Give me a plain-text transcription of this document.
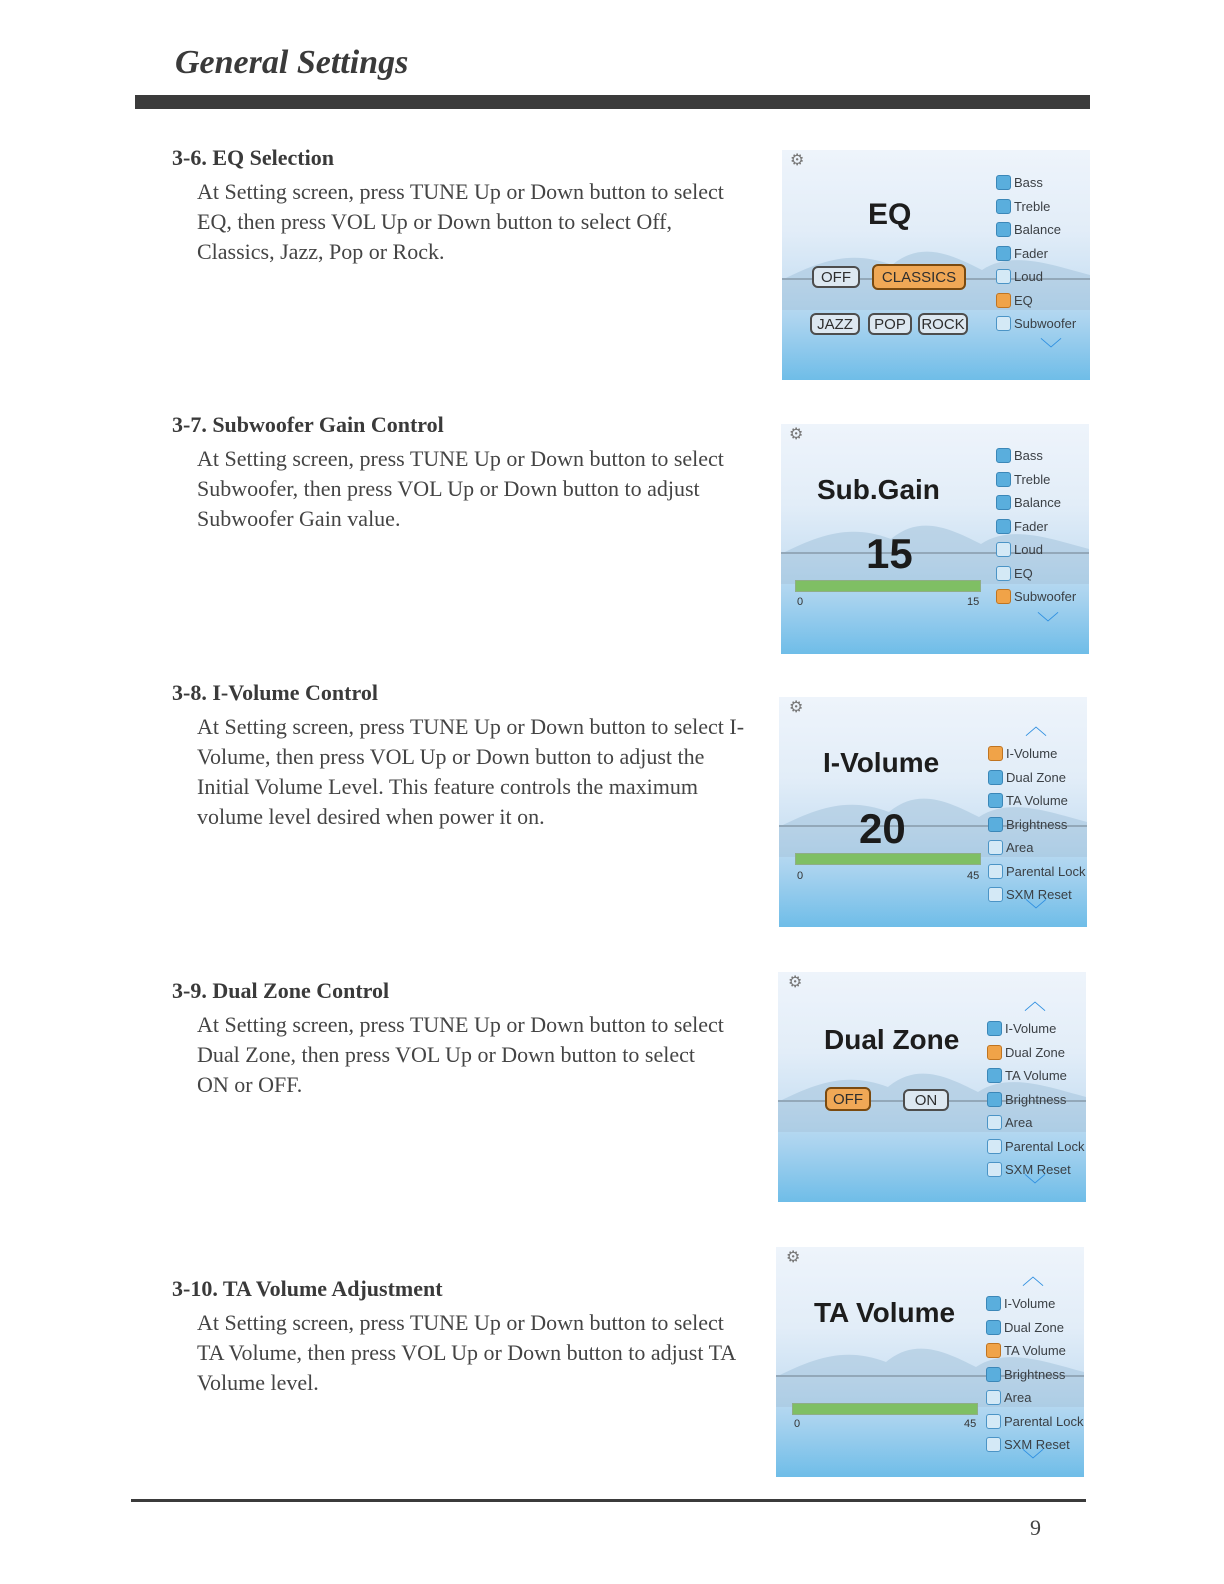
General Settings
3-6. EQ Selection

At Setting screen, press TUNE Up or Down button to select EQ, then press VOL Up or Down button to select Off, Classics, Jazz, Pop or Rock.

3-7. Subwoofer Gain Control

At Setting screen, press TUNE Up or Down button to select Subwoofer, then press VOL Up or Down button to adjust Subwoofer Gain value.

3-8. I-Volume Control

At Setting screen, press TUNE Up or Down button to select I-Volume, then press VOL Up or Down button to adjust the Initial Volume Level. This feature controls the maximum volume level desired when power it on.

3-9. Dual Zone Control

At Setting screen, press TUNE Up or Down button to select Dual Zone, then press VOL Up or Down button to select ON or OFF.

3-10. TA Volume Adjustment

At Setting screen, press TUNE Up or Down button to select TA Volume, then press VOL Up or Down button to adjust TA Volume level.

⚙
EQ
OFF	CLASSICS
JAZZ	POP	ROCK
Bass
Treble
Balance
Fader
Loud
EQ
Subwoofer
﹀
⚙
Sub.Gain
15
0	15
Bass
Treble
Balance
Fader
Loud
EQ
Subwoofer
﹀
⚙
I-Volume
20
0	45
︿
I-Volume
Dual Zone
TA Volume
Brightness
Area
Parental Lock
SXM Reset
﹀
⚙
Dual Zone
OFF	ON
︿
I-Volume
Dual Zone
TA Volume
Brightness
Area
Parental Lock
SXM Reset
﹀
⚙
TA Volume
0	45
︿
I-Volume
Dual Zone
TA Volume
Brightness
Area
Parental Lock
SXM Reset
﹀
9
